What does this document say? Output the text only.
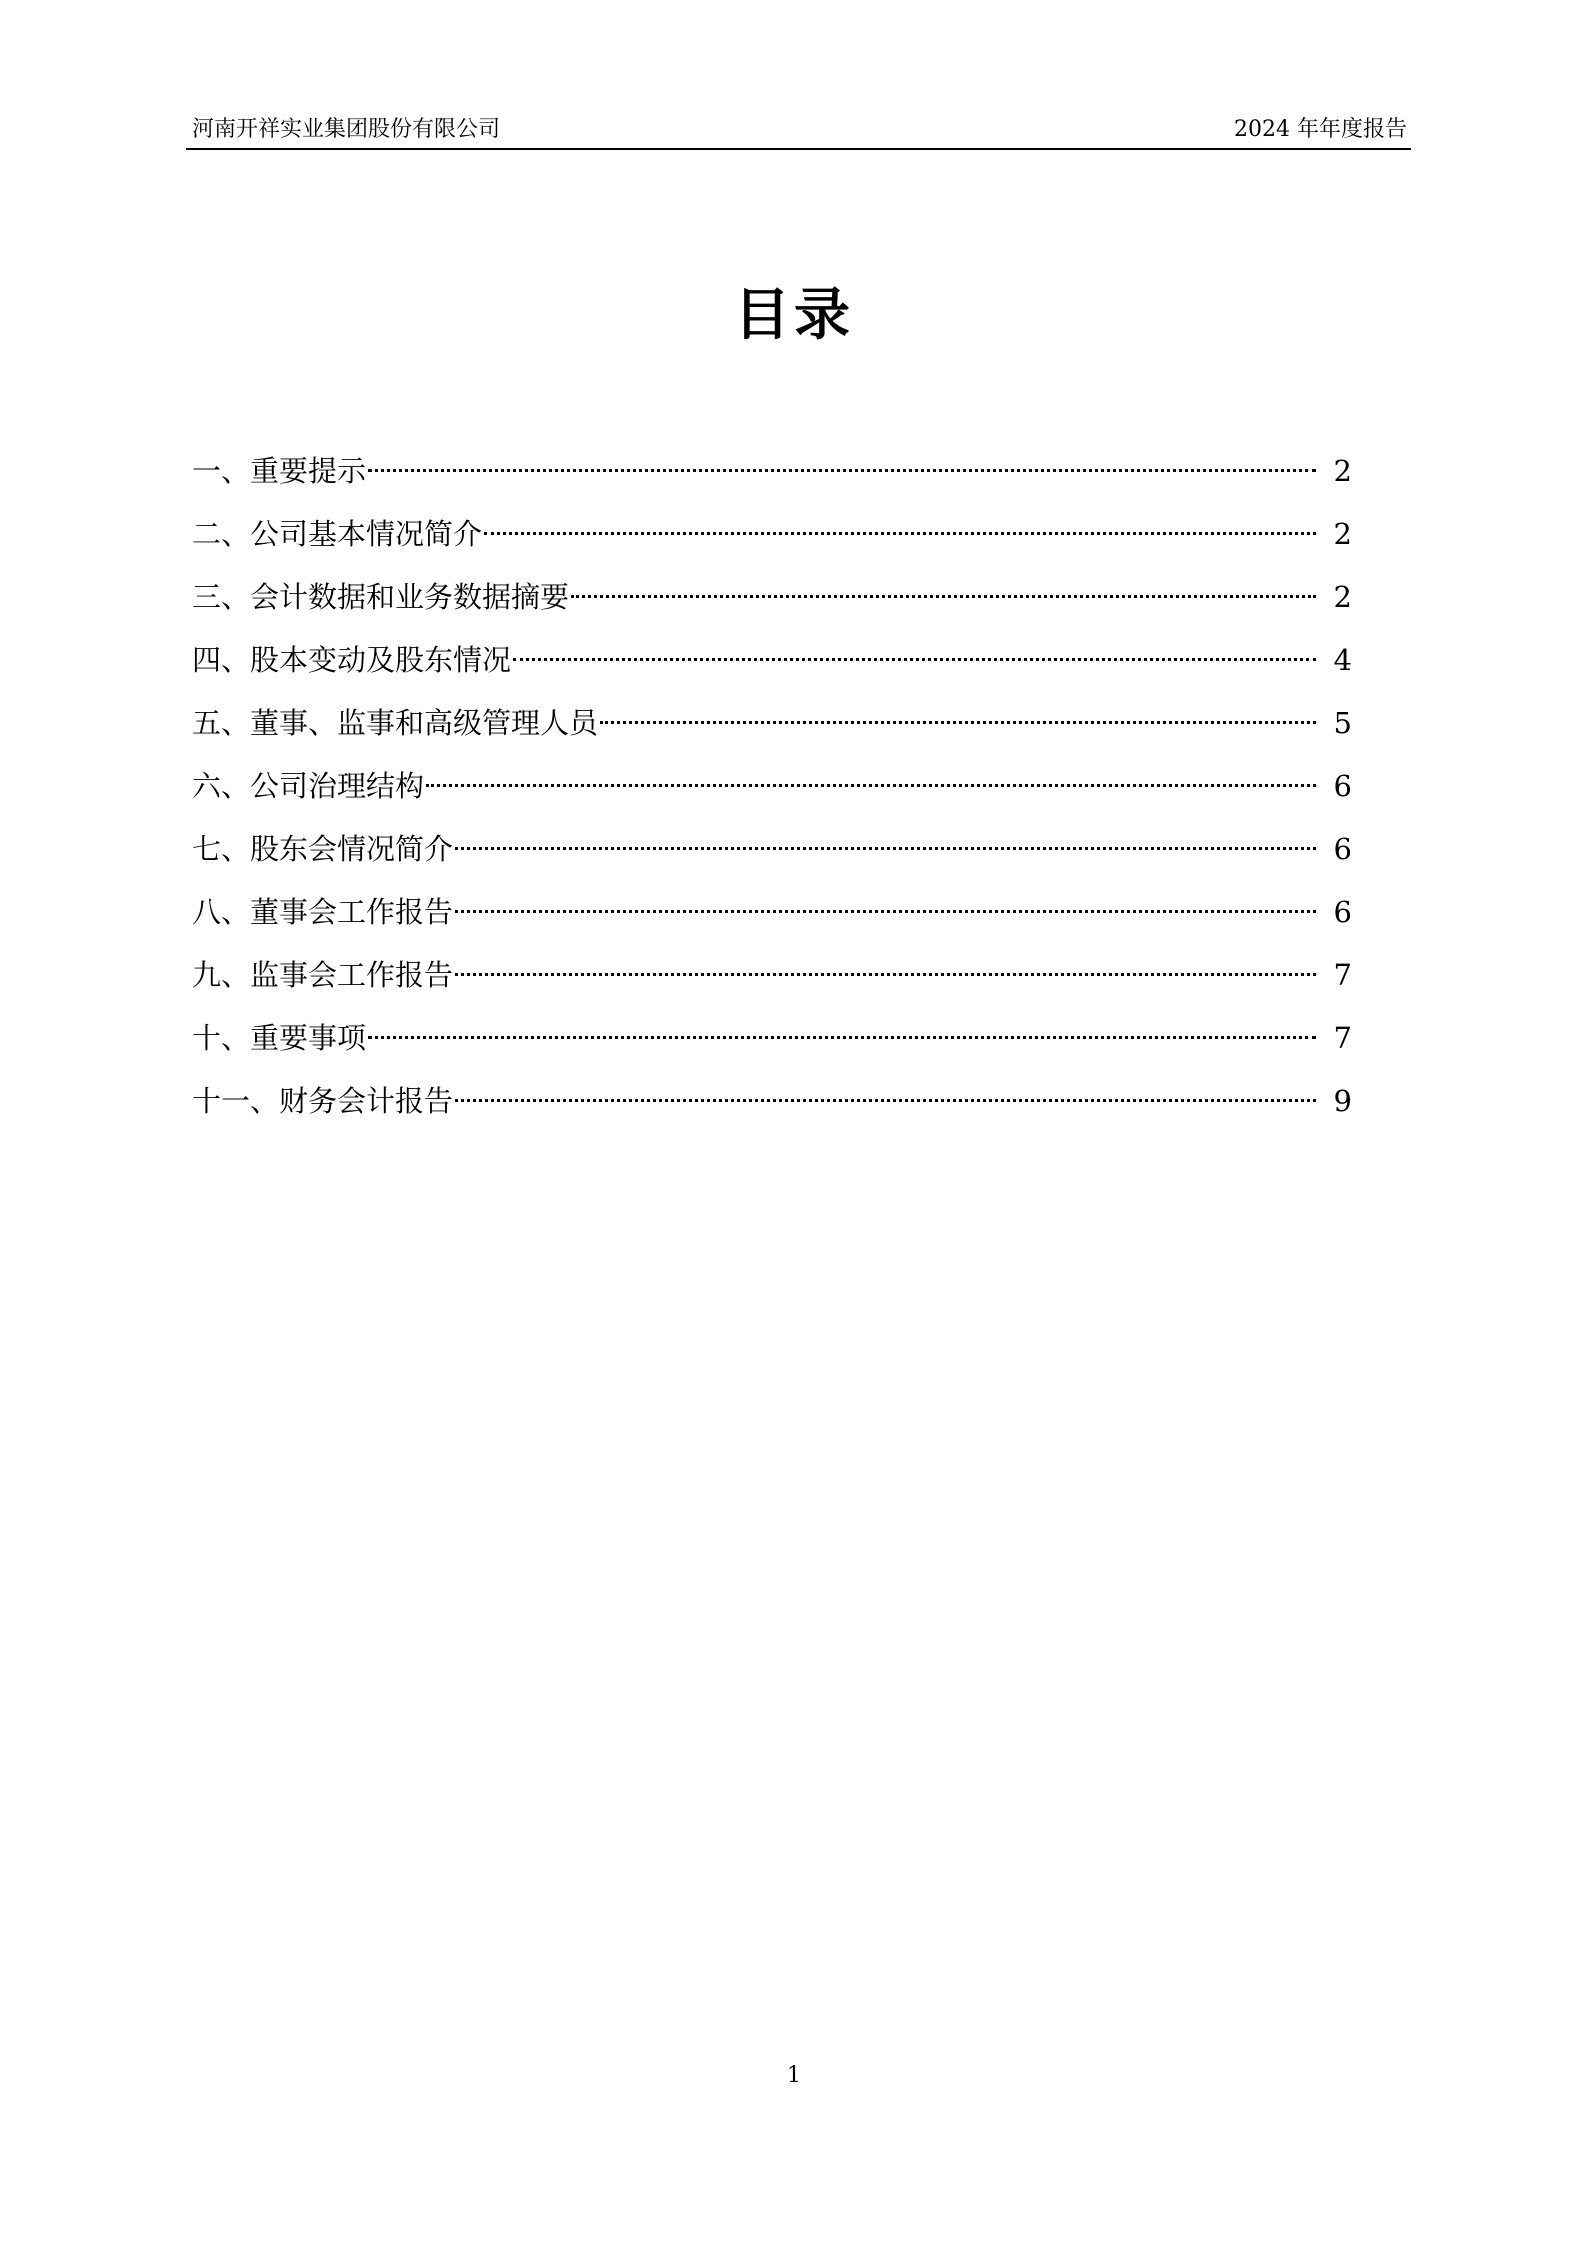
河南开祥实业集团股份有限公司	2024 年年度报告
目录
一、重要提示	2
二、公司基本情况简介	2
三、会计数据和业务数据摘要	2
四、股本变动及股东情况	4
五、董事、监事和高级管理人员	5
六、公司治理结构	6
七、股东会情况简介	6
八、董事会工作报告	6
九、监事会工作报告	7
十、重要事项	7
十一、财务会计报告	9
1
